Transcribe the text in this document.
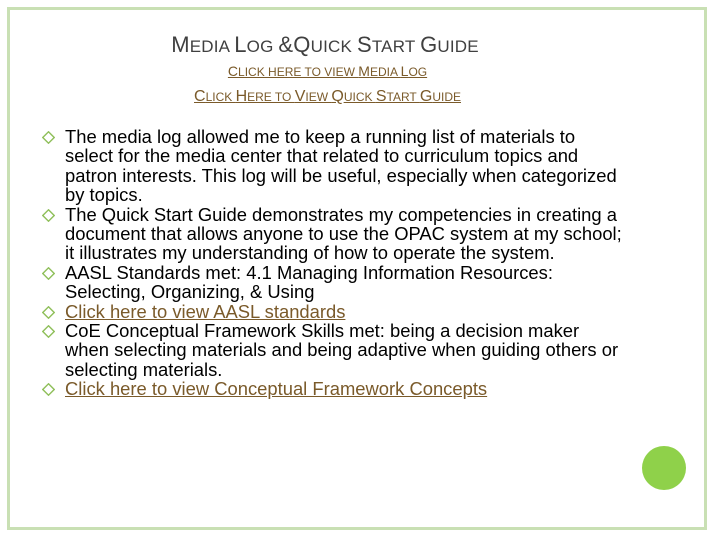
MEDIA LOG &QUICK START GUIDE
CLICK HERE TO VIEW MEDIA LOG
CLICK HERE TO VIEW QUICK START GUIDE
The media log allowed me to keep a running list of materials to select for the media center that related to curriculum topics and patron interests. This log will be useful, especially when categorized by topics.
The Quick Start Guide demonstrates my competencies in creating a document that allows anyone to use the OPAC system at my school; it illustrates my understanding of how to operate the system.
AASL Standards met: 4.1 Managing Information Resources: Selecting, Organizing, & Using
Click here to view AASL standards
CoE Conceptual Framework Skills met: being a decision maker when selecting materials and being adaptive when guiding others or selecting materials.
Click here to view Conceptual Framework Concepts
